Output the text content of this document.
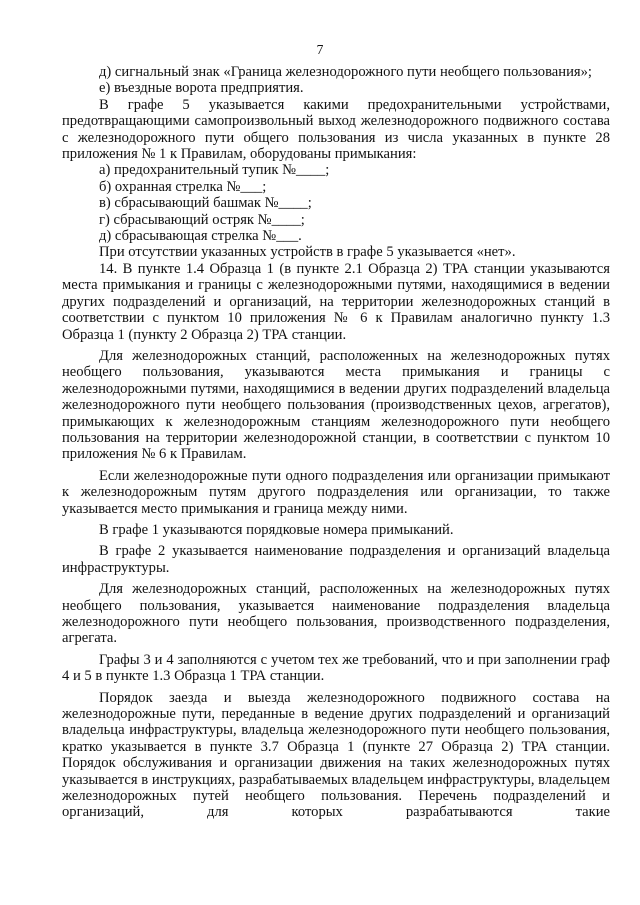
7

д) сигнальный знак «Граница железнодорожного пути необщего пользования»;

е) въездные ворота предприятия.

В графе 5 указывается какими предохранительными устройствами, предотвращающими самопроизвольный выход железнодорожного подвижного состава с железнодорожного пути общего пользования из числа указанных в пункте 28 приложения № 1 к Правилам, оборудованы примыкания:

а) предохранительный тупик №____;

б) охранная стрелка №___;

в) сбрасывающий башмак №____;

г) сбрасывающий остряк №____;

д) сбрасывающая стрелка №___.

При отсутствии указанных устройств в графе 5 указывается «нет».

14. В пункте 1.4 Образца 1 (в пункте 2.1 Образца 2) ТРА станции указываются места примыкания и границы с железнодорожными путями, находящимися в ведении других подразделений и организаций, на территории железнодорожных станций в соответствии с пунктом 10 приложения № 6 к Правилам аналогично пункту 1.3 Образца 1 (пункту 2 Образца 2) ТРА станции.

Для железнодорожных станций, расположенных на железнодорожных путях необщего пользования, указываются места примыкания и границы с железнодорожными путями, находящимися в ведении других подразделений владельца железнодорожного пути необщего пользования (производственных цехов, агрегатов), примыкающих к железнодорожным станциям железнодорожного пути необщего пользования на территории железнодорожной станции, в соответствии с пунктом 10 приложения № 6 к Правилам.

Если железнодорожные пути одного подразделения или организации примыкают к железнодорожным путям другого подразделения или организации, то также указывается место примыкания и граница между ними.

В графе 1 указываются порядковые номера примыканий.

В графе 2 указывается наименование подразделения и организаций владельца инфраструктуры.

Для железнодорожных станций, расположенных на железнодорожных путях необщего пользования, указывается наименование подразделения владельца железнодорожного пути необщего пользования, производственного подразделения, агрегата.

Графы 3 и 4 заполняются с учетом тех же требований, что и при заполнении граф 4 и 5 в пункте 1.3 Образца 1 ТРА станции.

Порядок заезда и выезда железнодорожного подвижного состава на железнодорожные пути, переданные в ведение других подразделений и организаций владельца инфраструктуры, владельца железнодорожного пути необщего пользования, кратко указывается в пункте 3.7 Образца 1 (пункте 27 Образца 2) ТРА станции. Порядок обслуживания и организации движения на таких железнодорожных путях указывается в инструкциях, разрабатываемых владельцем инфраструктуры, владельцем железнодорожных путей необщего пользования. Перечень подразделений и организаций, для которых разрабатываются такие
